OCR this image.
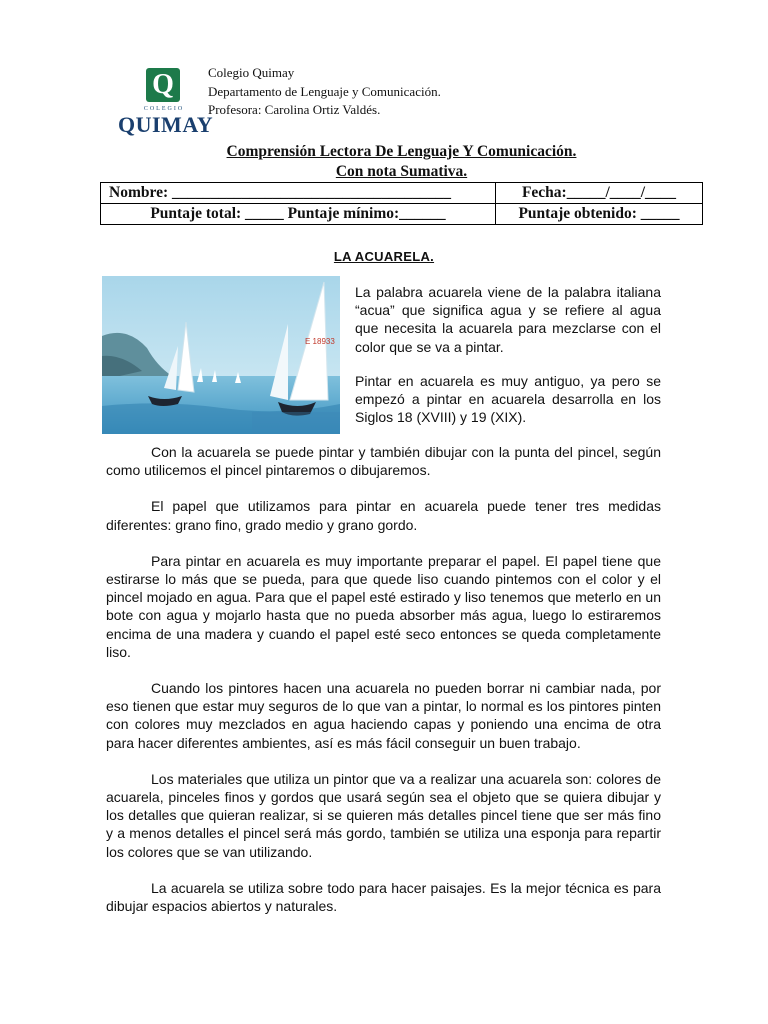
Q
COLEGIO
QUIMAY
Colegio Quimay
Departamento de Lenguaje y Comunicación.
Profesora: Carolina Ortiz Valdés.
Comprensión Lectora De Lenguaje Y Comunicación.
Con nota Sumativa.
Nombre: ____________________________________	Fecha:_____/____/____
Puntaje total: _____ Puntaje mínimo:______	Puntaje obtenido: _____
LA ACUARELA.
E 18933
La palabra acuarela viene de la palabra italiana “acua” que significa agua y se refiere al agua que necesita la acuarela para mezclarse con el color que se va a pintar.
Pintar en acuarela es muy antiguo, ya pero se empezó a pintar en acuarela desarrolla en los Siglos 18 (XVIII) y 19 (XIX).

Con la acuarela se puede pintar y también dibujar con la punta del pincel, según como utilicemos el pincel pintaremos o dibujaremos.

El papel que utilizamos para pintar en acuarela puede tener tres medidas diferentes: grano fino, grado medio y grano gordo.

Para pintar en acuarela es muy importante preparar el papel. El papel tiene que estirarse lo más que se pueda, para que quede liso cuando pintemos con el color y el pincel mojado en agua. Para que el papel esté estirado y liso tenemos que meterlo en un bote con agua y mojarlo hasta que no pueda absorber más agua, luego lo estiraremos encima de una madera y cuando el papel esté seco entonces se queda completamente liso.

Cuando los pintores hacen una acuarela no pueden borrar ni cambiar nada, por eso tienen que estar muy seguros de lo que van a pintar, lo normal es los pintores pinten con colores muy mezclados en agua haciendo capas y poniendo una encima de otra para hacer diferentes ambientes, así es más fácil conseguir un buen trabajo.

Los materiales que utiliza un pintor que va a realizar una acuarela son: colores de acuarela, pinceles finos y gordos que usará según sea el objeto que se quiera dibujar y los detalles que quieran realizar, si se quieren más detalles pincel tiene que ser más fino y a menos detalles el pincel será más gordo, también se utiliza una esponja para repartir los colores que se van utilizando.

La acuarela se utiliza sobre todo para hacer paisajes. Es la mejor técnica es para dibujar espacios abiertos y naturales.
